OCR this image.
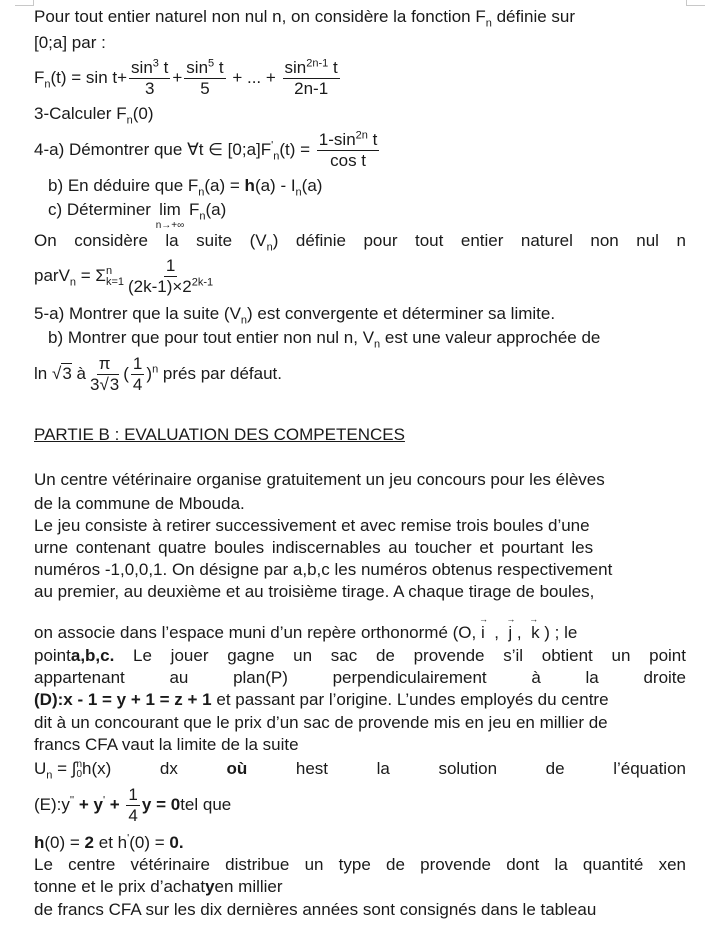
Pour tout entier naturel non nul n, on considère la fonction $F_n$ définie sur
[0;a] par :
$F_n(t) = \sin t+ \frac{\sin^3 t}{3} + \frac{\sin^5 t}{5}$ + ... + $\frac{\sin^{2n-1} t}{2n-1}$
3-Calculer $F_n(0)$
4-a) Démontrer que ∀t ∈ $[0;a]F'_n(t) = \frac{1-\sin^{2n} t}{\text{cos t}}$
b) En déduire que $F_n(a) = h(a) - I_n(a)$
c) Déterminer lim
n→+∞
$F_n(a)$
On considère la suite $(V_n)$ définie pour tout entier naturel non nul n
parV$_n$ = Σ n
$k=1 \frac{1}{(2k-1)\times 2^{2k-1}}$
5-a) Montrer que la suite $(V_n)$ est convergente et déterminer sa limite.
b) Montrer que pour tout entier non nul n, $V_n$ est une valeur approchée de
ln √3 à $\frac{\pi}{3√3}$ ( $\frac{1}{4} )^n$ prés par défaut.
PARTIE B : EVALUATION DES COMPETENCES
Un centre vétérinaire organise gratuitement un jeu concours pour les élèves
de la commune de Mbouda.
Le jeu consiste à retirer successivement et avec remise trois boules d’une
urne contenant quatre boules indiscernables au toucher et pourtant les
numéros -1,0,0,1. On désigne par a,b,c les numéros obtenus respectivement
au premier, au deuxième et au troisième tirage. A chaque tirage de boules,
on associe dans l’espace muni d’un repère orthonormé (O, → i  ,  → j ,  → k ) ; le
pointa,b,c. Le jouer gagne un sac de provende s’il obtient un point
appartenant	au	plan(P)	perpendiculairement	à	la	droite
(D):x - 1 = y + 1 = z + 1 et passant par l’origine. L’undes employés du centre
dit à un concourant que le prix d’un sac de provende mis en jeu en millier de
francs CFA vaut la limite de la suite
$U_n$ = ∫ n
0 h(x)	dx	où	hest	la	solution	de	l’équation
(E):y'' + $y' + \frac{1}{4}$ y = 0tel que
h(0) = 2 et h'(0) = 0.
Le centre vétérinaire distribue un type de provende dont la quantité xen
tonne et le prix d’achatyen millier
de francs CFA sur les dix dernières années sont consignés dans le tableau
